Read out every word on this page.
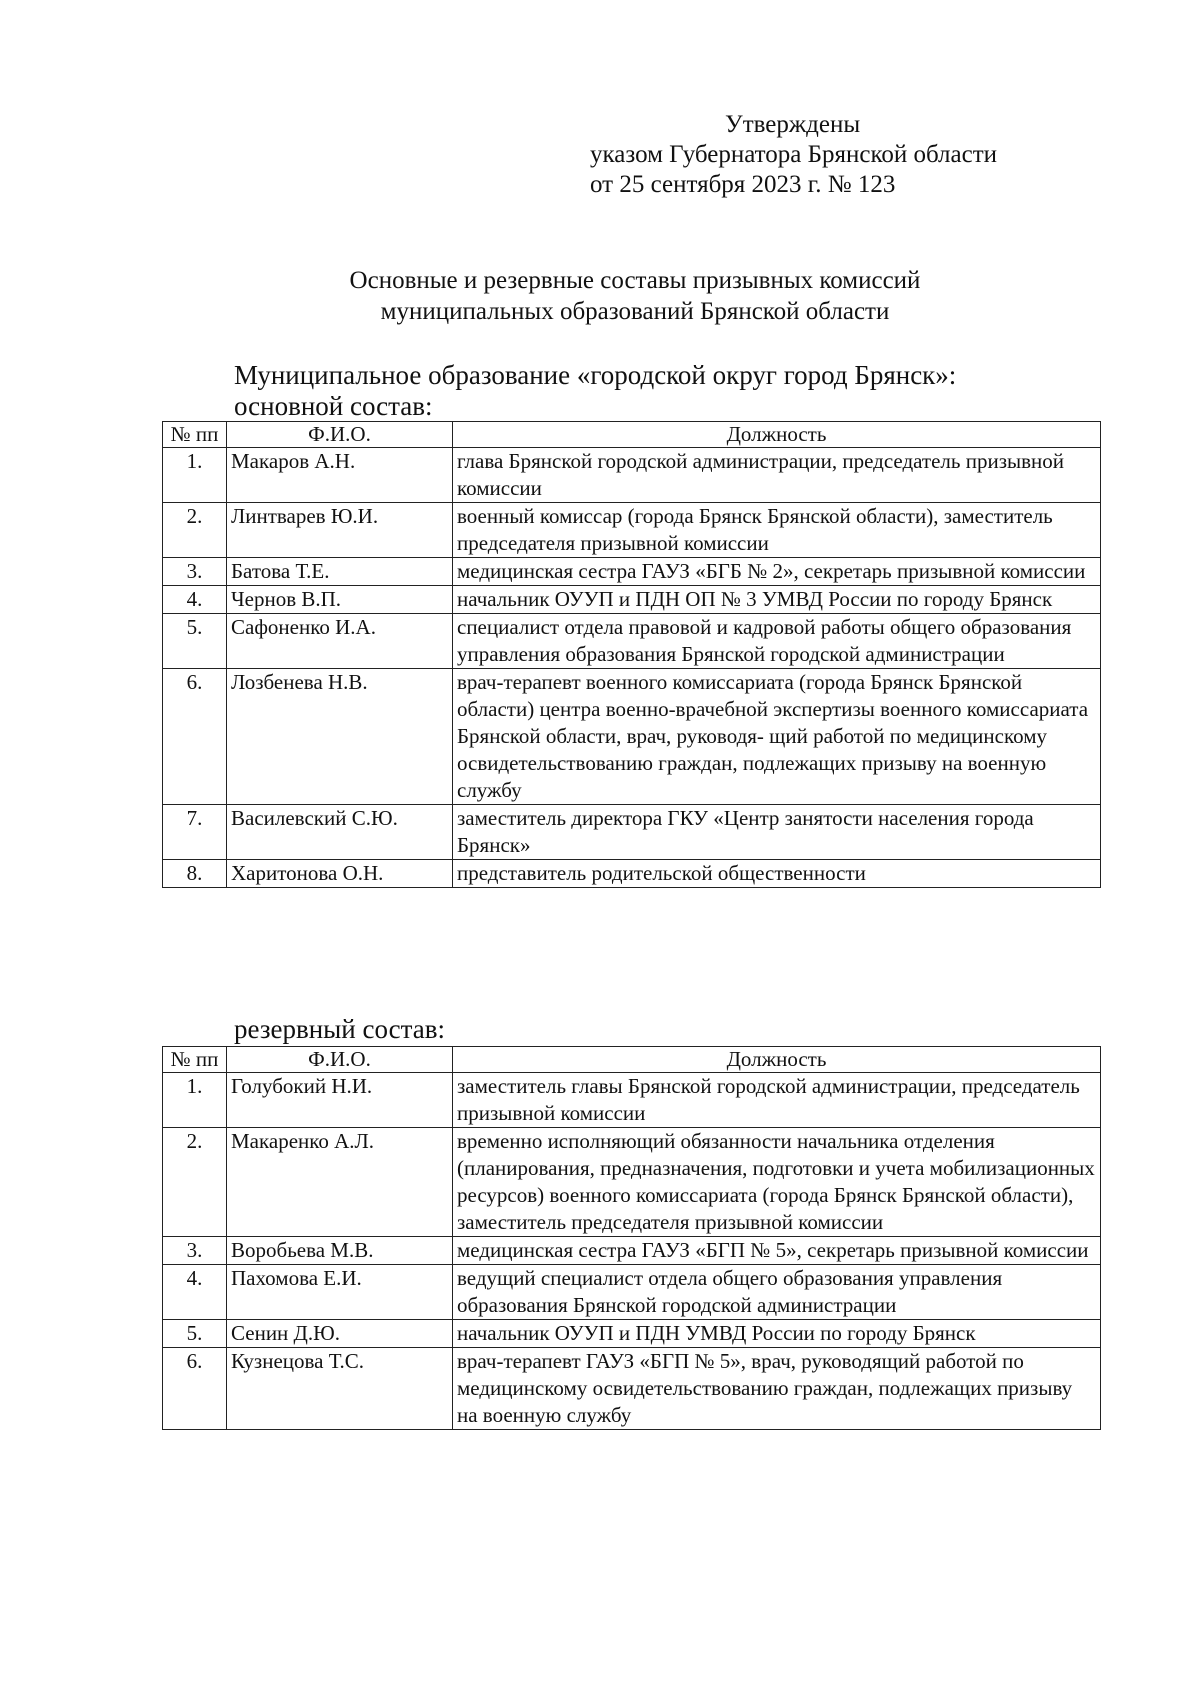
Утверждены
указом Губернатора Брянской области
от 25 сентября 2023 г. № 123
Основные и резервные составы призывных комиссий
муниципальных образований Брянской области
Муниципальное образование «городской округ город Брянск»:
основной состав:
№ пп	Ф.И.О.	Должность
1.	Макаров А.Н.	глава Брянской городской администрации, председатель призывной комиссии
2.	Линтварев Ю.И.	военный комиссар (города Брянск Брянской области), заместитель председателя призывной комиссии
3.	Батова Т.Е.	медицинская сестра ГАУЗ «БГБ № 2», секретарь призывной комиссии
4.	Чернов В.П.	начальник ОУУП и ПДН ОП № 3 УМВД России по городу Брянск
5.	Сафоненко И.А.	специалист отдела правовой и кадровой работы общего образования управления образования Брянской городской администрации
6.	Лозбенева Н.В.	врач-терапевт военного комиссариата (города Брянск Брянской области) центра военно-врачебной экспертизы военного комиссариата Брянской области, врач, руководя- щий работой по медицинскому освидетельствованию граждан, подлежащих призыву на военную службу
7.	Василевский С.Ю.	заместитель директора ГКУ «Центр занятости населения города Брянск»
8.	Харитонова О.Н.	представитель родительской общественности
резервный состав:
№ пп	Ф.И.О.	Должность
1.	Голубокий Н.И.	заместитель главы Брянской городской администрации, председатель призывной комиссии
2.	Макаренко А.Л.	временно исполняющий обязанности начальника отделения (планирования, предназначения, подготовки и учета мобилизационных ресурсов) военного комиссариата (города Брянск Брянской области), заместитель председателя призывной комиссии
3.	Воробьева М.В.	медицинская сестра ГАУЗ «БГП № 5», секретарь призывной комиссии
4.	Пахомова Е.И.	ведущий специалист отдела общего образования управления образования Брянской городской администрации
5.	Сенин Д.Ю.	начальник ОУУП и ПДН УМВД России по городу Брянск
6.	Кузнецова Т.С.	врач-терапевт ГАУЗ «БГП № 5», врач, руководящий работой по медицинскому освидетельствованию граждан, подлежащих призыву на военную службу
